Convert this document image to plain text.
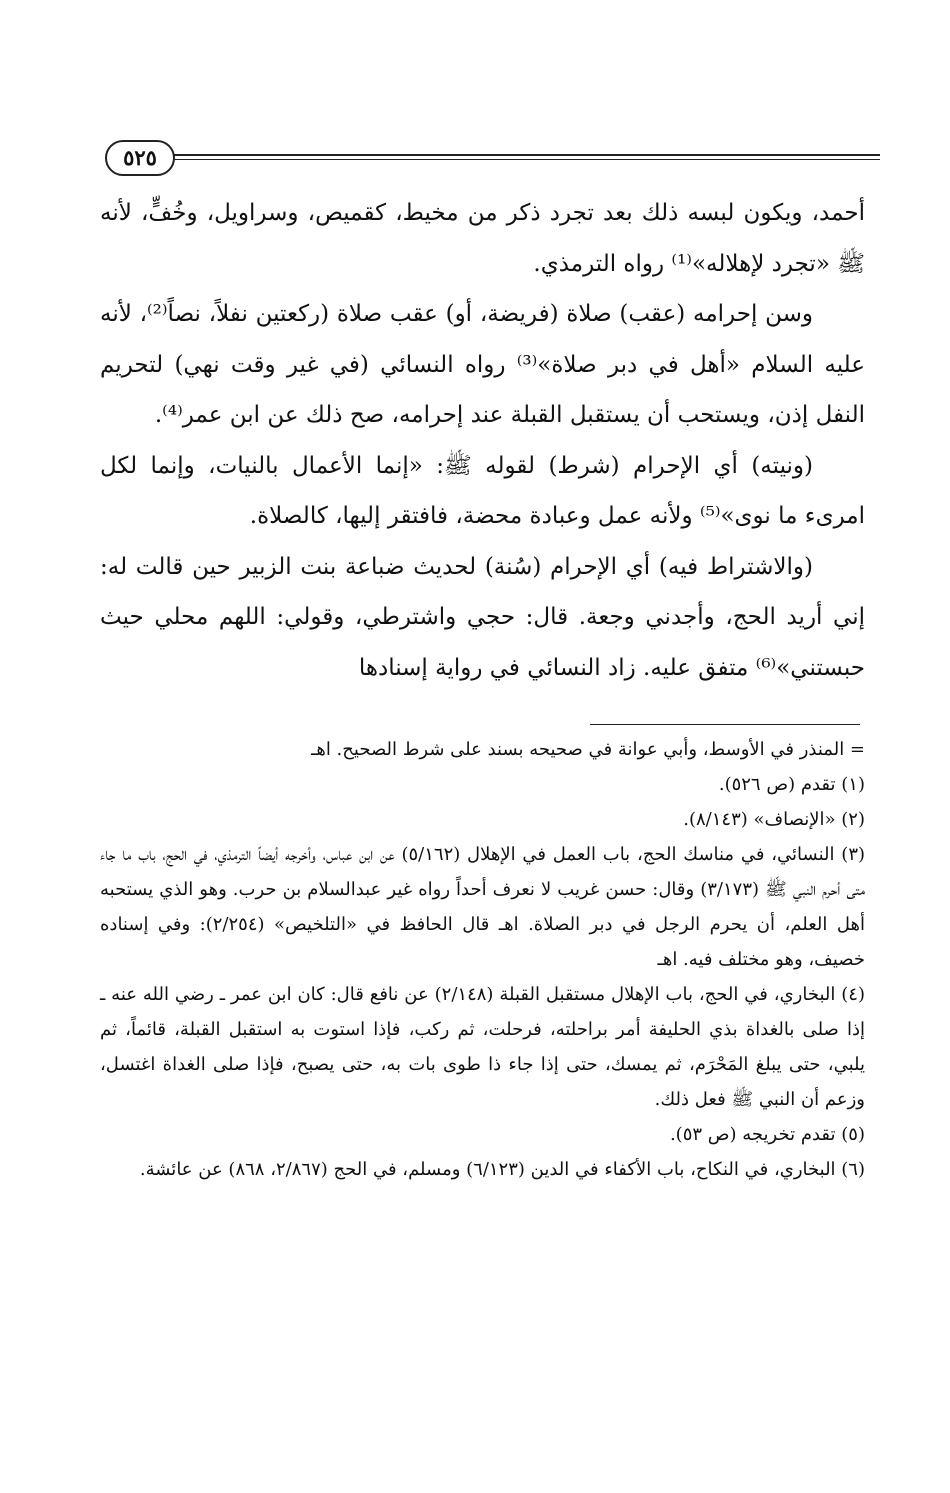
٥٢٥

أحمد، ويكون لبسه ذلك بعد تجرد ذكر من مخيط، كقميص، وسراويل، وخُفٍّ، لأنه ﷺ «تجرد لإهلاله»⁽¹⁾ رواه الترمذي.

وسن إحرامه (عقب) صلاة (فريضة، أو) عقب صلاة (ركعتين نفلاً، نصاً⁽²⁾، لأنه عليه السلام «أهل في دبر صلاة»⁽³⁾ رواه النسائي (في غير وقت نهي) لتحريم النفل إذن، ويستحب أن يستقبل القبلة عند إحرامه، صح ذلك عن ابن عمر⁽⁴⁾.

(ونيته) أي الإحرام (شرط) لقوله ﷺ: «إنما الأعمال بالنيات، وإنما لكل امرىء ما نوى»⁽⁵⁾ ولأنه عمل وعبادة محضة، فافتقر إليها، كالصلاة.

(والاشتراط فيه) أي الإحرام (سُنة) لحديث ضباعة بنت الزبير حين قالت له: إني أريد الحج، وأجدني وجعة. قال: حجي واشترطي، وقولي: اللهم محلي حيث حبستني»⁽⁶⁾ متفق عليه. زاد النسائي في رواية إسنادها

= المنذر في الأوسط، وأبي عوانة في صحيحه بسند على شرط الصحيح. اهـ

(١) تقدم (ص ٥٢٦).

(٢) «الإنصاف» (٨/١٤٣).

(٣) النسائي، في مناسك الحج، باب العمل في الإهلال (٥/١٦٢) عن ابن عباس، وأخرجه أيضاً الترمذي، في الحج، باب ما جاء متى أحرم النبي ﷺ (٣/١٧٣) وقال: حسن غريب لا نعرف أحداً رواه غير عبدالسلام بن حرب. وهو الذي يستحبه أهل العلم، أن يحرم الرجل في دبر الصلاة. اهـ قال الحافظ في «التلخيص» (٢/٢٥٤): وفي إسناده خصيف، وهو مختلف فيه. اهـ

(٤) البخاري، في الحج، باب الإهلال مستقبل القبلة (٢/١٤٨) عن نافع قال: كان ابن عمر ـ رضي الله عنه ـ إذا صلى بالغداة بذي الحليفة أمر براحلته، فرحلت، ثم ركب، فإذا استوت به استقبل القبلة، قائماً، ثم يلبي، حتى يبلغ المَحْرَم، ثم يمسك، حتى إذا جاء ذا طوى بات به، حتى يصبح، فإذا صلى الغداة اغتسل، وزعم أن النبي ﷺ فعل ذلك.

(٥) تقدم تخريجه (ص ٥٣).

(٦) البخاري، في النكاح، باب الأكفاء في الدين (٦/١٢٣) ومسلم، في الحج (٢/٨٦٧، ٨٦٨) عن عائشة.
